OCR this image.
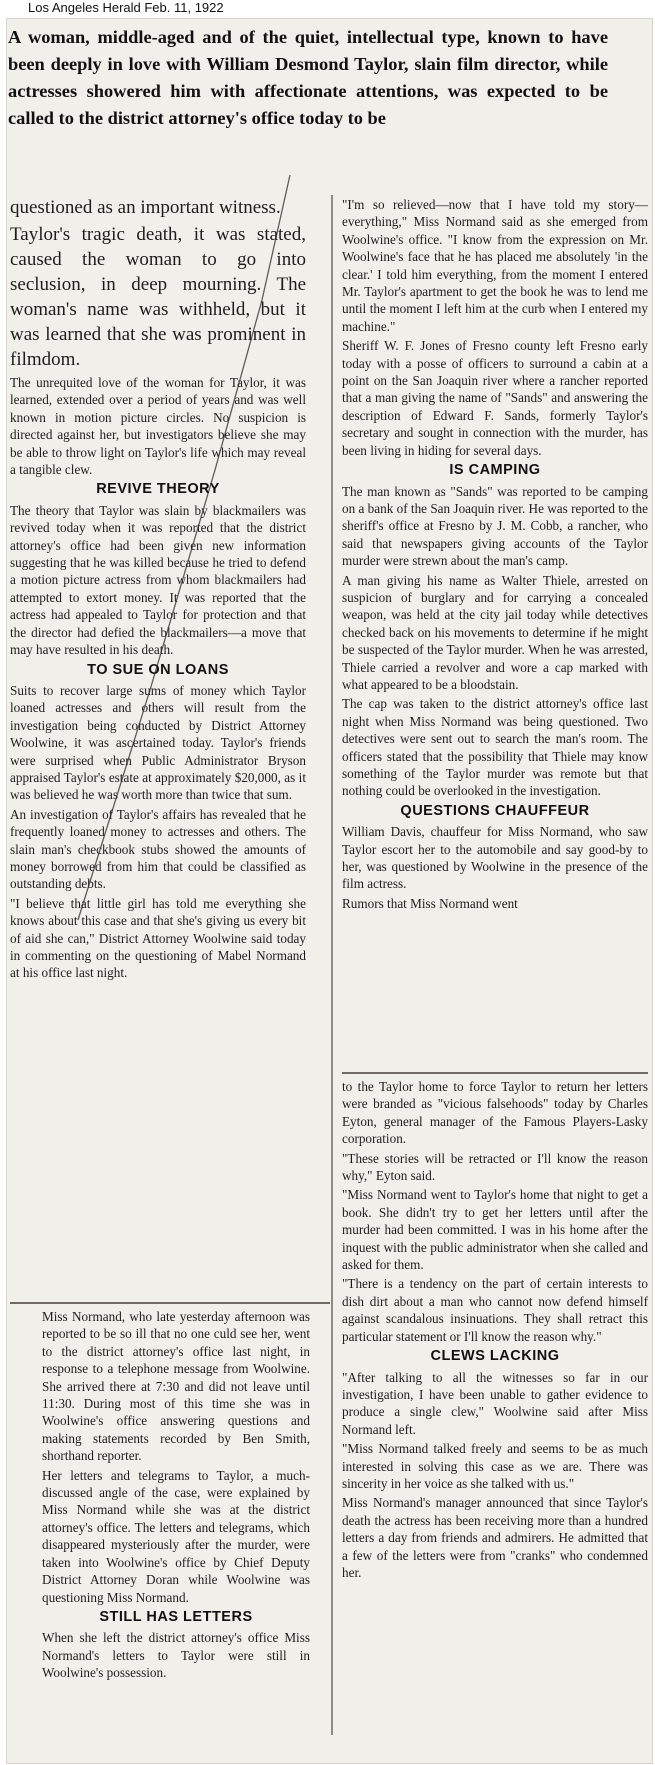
Los Angeles Herald Feb. 11, 1922
A woman, middle-aged and of the quiet, intellectual type, known to have been deeply in love with William Desmond Taylor, slain film director, while actresses showered him with affectionate attentions, was expected to be called to the district attorney's office today to be

questioned as an important witness.

Taylor's tragic death, it was stated, caused the woman to go into seclusion, in deep mourning. The woman's name was withheld, but it was learned that she was prominent in filmdom.

The unrequited love of the woman for Taylor, it was learned, extended over a period of years and was well known in motion picture circles. No suspicion is directed against her, but investigators believe she may be able to throw light on Taylor's life which may reveal a tangible clew.

REVIVE THEORY

The theory that Taylor was slain by blackmailers was revived today when it was reported that the district attorney's office had been given new information suggesting that he was killed because he tried to defend a motion picture actress from whom blackmailers had attempted to extort money. It was reported that the actress had appealed to Taylor for protection and that the director had defied the blackmailers—a move that may have resulted in his death.

TO SUE ON LOANS

Suits to recover large sums of money which Taylor loaned actresses and others will result from the investigation being conducted by District Attorney Woolwine, it was ascertained today. Taylor's friends were surprised when Public Administrator Bryson appraised Taylor's estate at approximately $20,000, as it was believed he was worth more than twice that sum.

An investigation of Taylor's affairs has revealed that he frequently loaned money to actresses and others. The slain man's checkbook stubs showed the amounts of money borrowed from him that could be classified as outstanding debts.

"I believe that little girl has told me everything she knows about this case and that she's giving us every bit of aid she can," District Attorney Woolwine said today in commenting on the questioning of Mabel Normand at his office last night.

Miss Normand, who late yesterday afternoon was reported to be so ill that no one culd see her, went to the district attorney's office last night, in response to a telephone message from Woolwine. She arrived there at 7:30 and did not leave until 11:30. During most of this time she was in Woolwine's office answering questions and making statements recorded by Ben Smith, shorthand reporter.

Her letters and telegrams to Taylor, a much-discussed angle of the case, were explained by Miss Normand while she was at the district attorney's office. The letters and telegrams, which disappeared mysteriously after the murder, were taken into Woolwine's office by Chief Deputy District Attorney Doran while Woolwine was questioning Miss Normand.

STILL HAS LETTERS

When she left the district attorney's office Miss Normand's letters to Taylor were still in Woolwine's possession.

"I'm so relieved—now that I have told my story—everything," Miss Normand said as she emerged from Woolwine's office. "I know from the expression on Mr. Woolwine's face that he has placed me absolutely 'in the clear.' I told him everything, from the moment I entered Mr. Taylor's apartment to get the book he was to lend me until the moment I left him at the curb when I entered my machine."

Sheriff W. F. Jones of Fresno county left Fresno early today with a posse of officers to surround a cabin at a point on the San Joaquin river where a rancher reported that a man giving the name of "Sands" and answering the description of Edward F. Sands, formerly Taylor's secretary and sought in connection with the murder, has been living in hiding for several days.

IS CAMPING

The man known as "Sands" was reported to be camping on a bank of the San Joaquin river. He was reported to the sheriff's office at Fresno by J. M. Cobb, a rancher, who said that newspapers giving accounts of the Taylor murder were strewn about the man's camp.

A man giving his name as Walter Thiele, arrested on suspicion of burglary and for carrying a concealed weapon, was held at the city jail today while detectives checked back on his movements to determine if he might be suspected of the Taylor murder. When he was arrested, Thiele carried a revolver and wore a cap marked with what appeared to be a bloodstain.

The cap was taken to the district attorney's office last night when Miss Normand was being questioned. Two detectives were sent out to search the man's room. The officers stated that the possibility that Thiele may know something of the Taylor murder was remote but that nothing could be overlooked in the investigation.

QUESTIONS CHAUFFEUR

William Davis, chauffeur for Miss Normand, who saw Taylor escort her to the automobile and say good-by to her, was questioned by Woolwine in the presence of the film actress.

Rumors that Miss Normand went

to the Taylor home to force Taylor to return her letters were branded as "vicious falsehoods" today by Charles Eyton, general manager of the Famous Players-Lasky corporation.

"These stories will be retracted or I'll know the reason why," Eyton said.

"Miss Normand went to Taylor's home that night to get a book. She didn't try to get her letters until after the murder had been committed. I was in his home after the inquest with the public administrator when she called and asked for them.

"There is a tendency on the part of certain interests to dish dirt about a man who cannot now defend himself against scandalous insinuations. They shall retract this particular statement or I'll know the reason why."

CLEWS LACKING

"After talking to all the witnesses so far in our investigation, I have been unable to gather evidence to produce a single clew," Woolwine said after Miss Normand left.

"Miss Normand talked freely and seems to be as much interested in solving this case as we are. There was sincerity in her voice as she talked with us."

Miss Normand's manager announced that since Taylor's death the actress has been receiving more than a hundred letters a day from friends and admirers. He admitted that a few of the letters were from "cranks" who condemned her.
